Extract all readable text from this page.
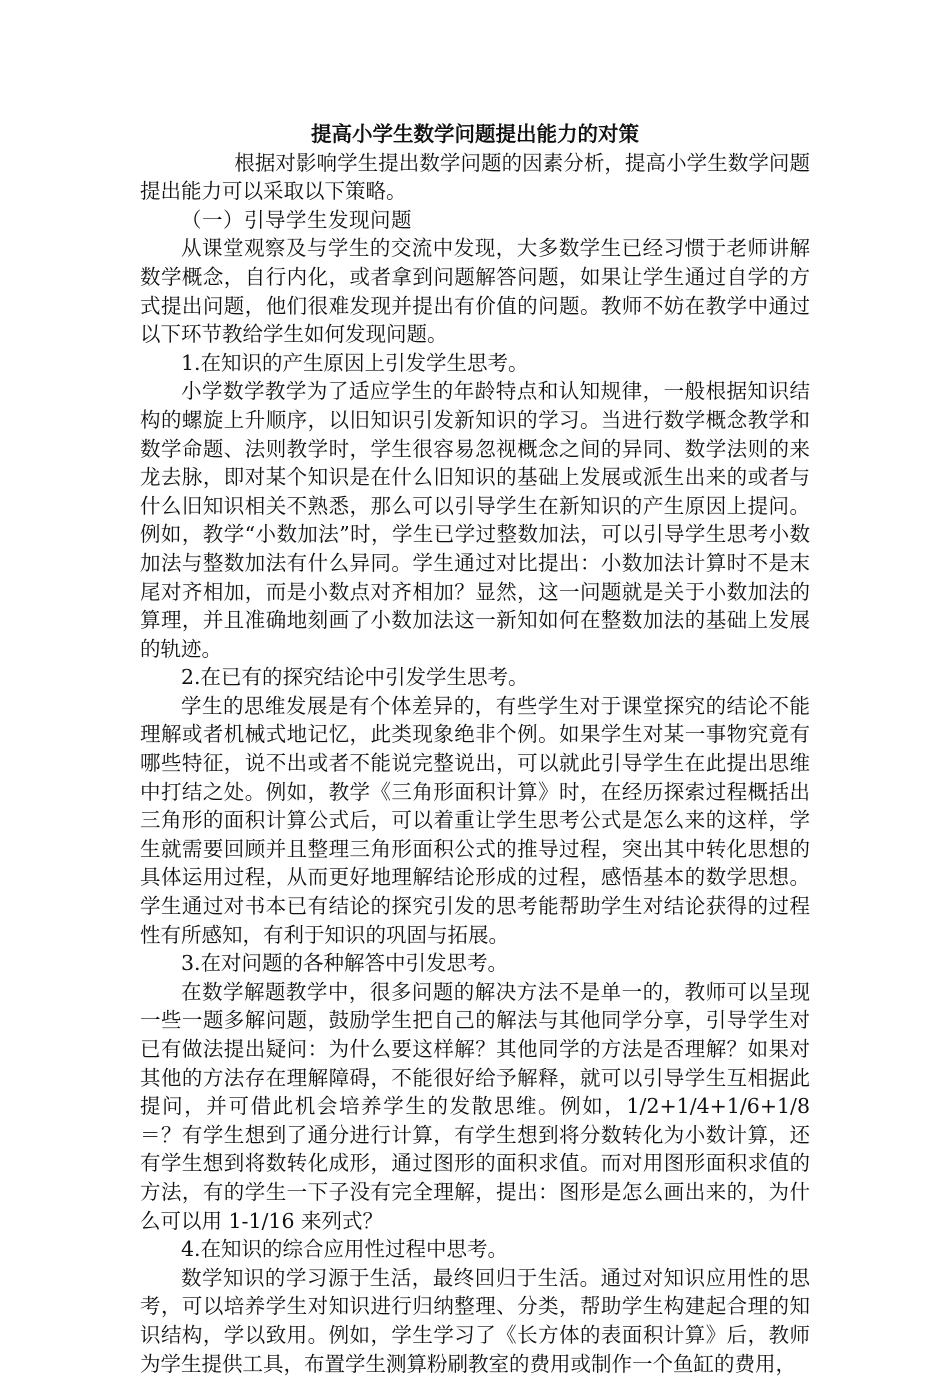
提高小学生数学问题提出能力的对策

根据对影响学生提出数学问题的因素分析，提高小学生数学问题提出能力可以采取以下策略。

（一）引导学生发现问题

从课堂观察及与学生的交流中发现，大多数学生已经习惯于老师讲解数学概念，自行内化，或者拿到问题解答问题，如果让学生通过自学的方式提出问题，他们很难发现并提出有价值的问题。教师不妨在教学中通过以下环节教给学生如何发现问题。

1.在知识的产生原因上引发学生思考。

小学数学教学为了适应学生的年龄特点和认知规律，一般根据知识结构的螺旋上升顺序，以旧知识引发新知识的学习。当进行数学概念教学和数学命题、法则教学时，学生很容易忽视概念之间的异同、数学法则的来龙去脉，即对某个知识是在什么旧知识的基础上发展或派生出来的或者与什么旧知识相关不熟悉，那么可以引导学生在新知识的产生原因上提问。例如，教学“小数加法”时，学生已学过整数加法，可以引导学生思考小数加法与整数加法有什么异同。学生通过对比提出：小数加法计算时不是末尾对齐相加，而是小数点对齐相加？显然，这一问题就是关于小数加法的算理，并且准确地刻画了小数加法这一新知如何在整数加法的基础上发展的轨迹。

2.在已有的探究结论中引发学生思考。

学生的思维发展是有个体差异的，有些学生对于课堂探究的结论不能理解或者机械式地记忆，此类现象绝非个例。如果学生对某一事物究竟有哪些特征，说不出或者不能说完整说出，可以就此引导学生在此提出思维中打结之处。例如，教学《三角形面积计算》时，在经历探索过程概括出三角形的面积计算公式后，可以着重让学生思考公式是怎么来的这样，学生就需要回顾并且整理三角形面积公式的推导过程，突出其中转化思想的具体运用过程，从而更好地理解结论形成的过程，感悟基本的数学思想。学生通过对书本已有结论的探究引发的思考能帮助学生对结论获得的过程性有所感知，有利于知识的巩固与拓展。

3.在对问题的各种解答中引发思考。

在数学解题教学中，很多问题的解决方法不是单一的，教师可以呈现一些一题多解问题，鼓励学生把自己的解法与其他同学分享，引导学生对已有做法提出疑问：为什么要这样解？其他同学的方法是否理解？如果对其他的方法存在理解障碍，不能很好给予解释，就可以引导学生互相据此提问，并可借此机会培养学生的发散思维。例如，1/2+1/4+1/6+1/8＝？有学生想到了通分进行计算，有学生想到将分数转化为小数计算，还有学生想到将数转化成形，通过图形的面积求值。而对用图形面积求值的方法，有的学生一下子没有完全理解，提出：图形是怎么画出来的，为什么可以用 1-1/16 来列式？

4.在知识的综合应用性过程中思考。

数学知识的学习源于生活，最终回归于生活。通过对知识应用性的思考，可以培养学生对知识进行归纳整理、分类，帮助学生构建起合理的知识结构，学以致用。例如，学生学习了《长方体的表面积计算》后，教师为学生提供工具，布置学生测算粉刷教室的费用或制作一个鱼缸的费用，
